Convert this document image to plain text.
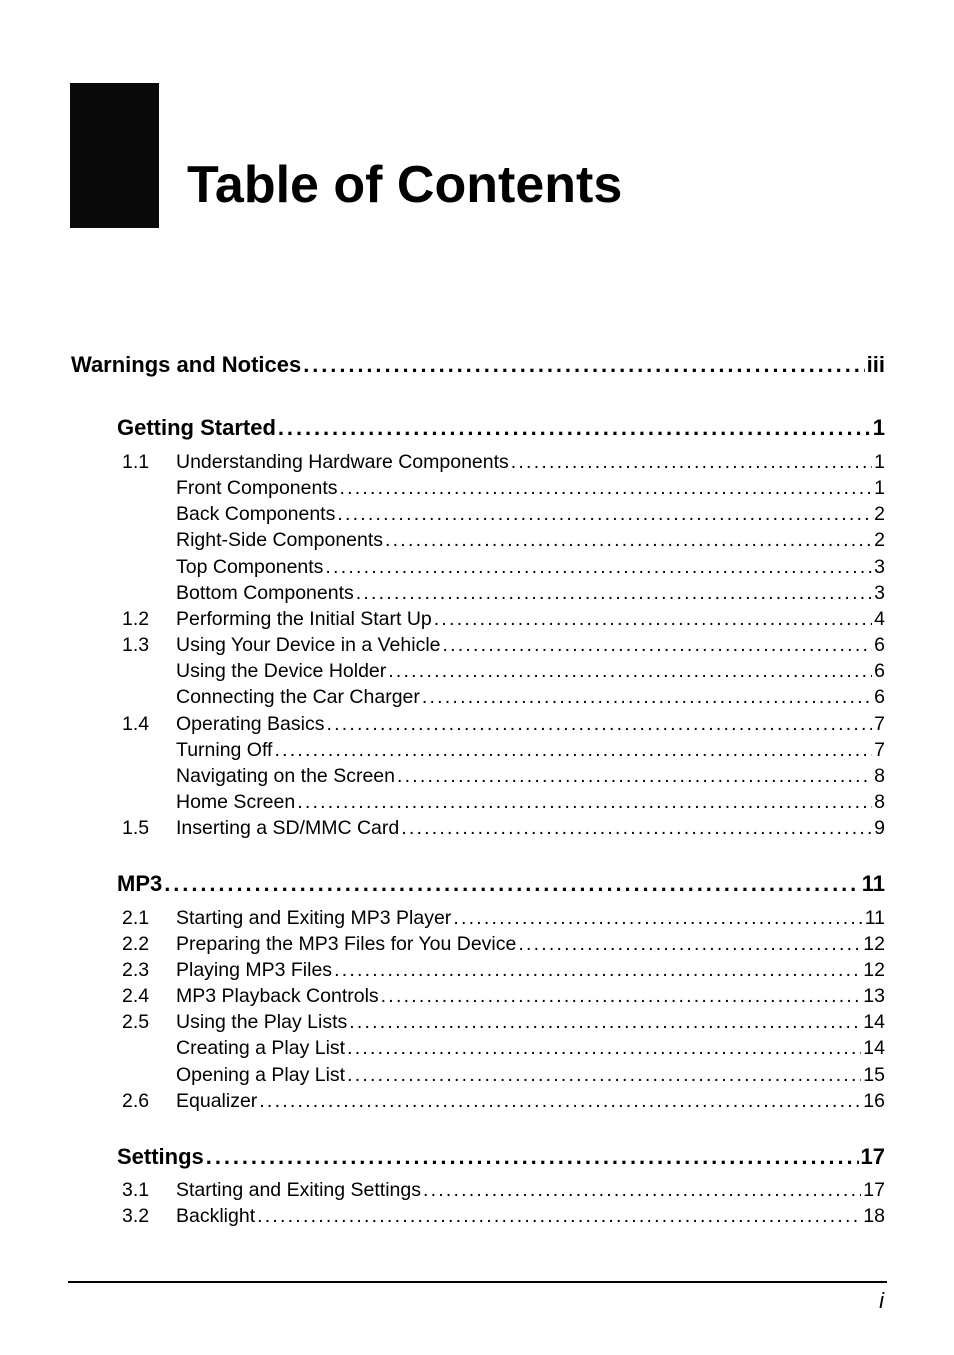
Table of Contents
Warnings and Notices . . .	iii
Getting Started . . .	1
1.1	Understanding Hardware Components . . .	1
Front Components . . .	1
Back Components . . .	2
Right-Side Components . . .	2
Top Components . . .	3
Bottom Components . . .	3
1.2	Performing the Initial Start Up . . .	4
1.3	Using Your Device in a Vehicle . . .	6
Using the Device Holder . . .	6
Connecting the Car Charger . . .	6
1.4	Operating Basics . . .	7
Turning Off . . .	7
Navigating on the Screen . . .	8
Home Screen . . .	8
1.5	Inserting a SD/MMC Card . . .	9
MP3 . . .	11
2.1	Starting and Exiting MP3 Player . . .	11
2.2	Preparing the MP3 Files for You Device . . .	12
2.3	Playing MP3 Files . . .	12
2.4	MP3 Playback Controls . . .	13
2.5	Using the Play Lists . . .	14
Creating a Play List . . .	14
Opening a Play List . . .	15
2.6	Equalizer . . .	16
Settings . . .	17
3.1	Starting and Exiting Settings . . .	17
3.2	Backlight . . .	18
i
